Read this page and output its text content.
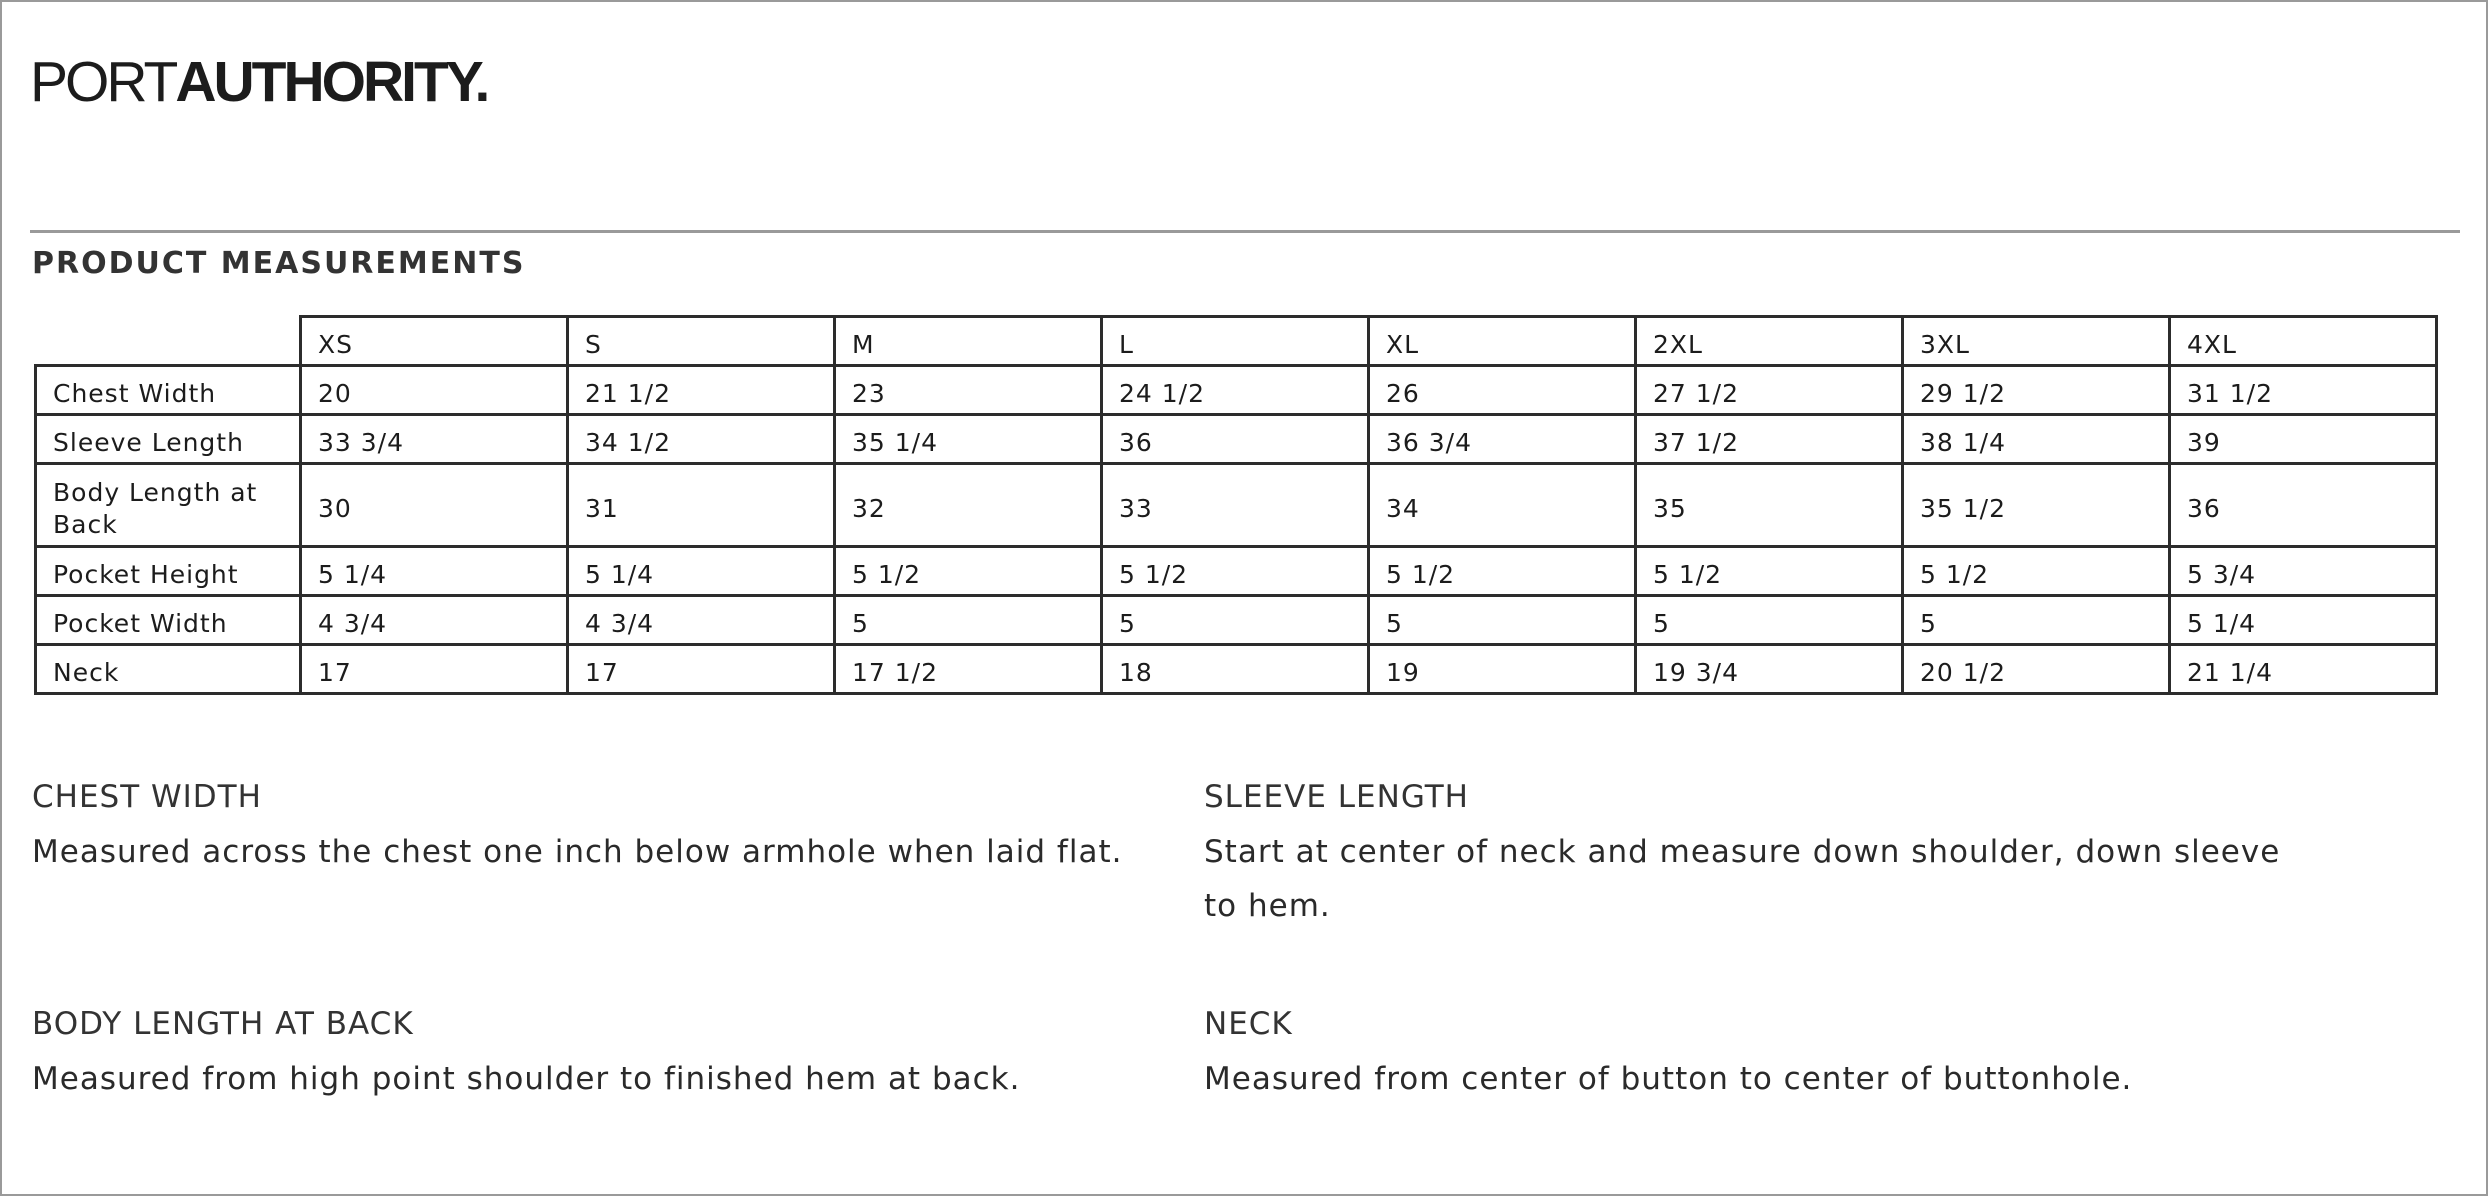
PORTAUTHORITY.
PRODUCT MEASUREMENTS
	XS	S	M	L	XL	2XL	3XL	4XL
Chest Width	20	21 1/2	23	24 1/2	26	27 1/2	29 1/2	31 1/2
Sleeve Length	33 3/4	34 1/2	35 1/4	36	36 3/4	37 1/2	38 1/4	39
Body Length at Back	30	31	32	33	34	35	35 1/2	36
Pocket Height	5 1/4	5 1/4	5 1/2	5 1/2	5 1/2	5 1/2	5 1/2	5 3/4
Pocket Width	4 3/4	4 3/4	5	5	5	5	5	5 1/4
Neck	17	17	17 1/2	18	19	19 3/4	20 1/2	21 1/4
CHEST WIDTH
Measured across the chest one inch below armhole when laid flat.
SLEEVE LENGTH
Start at center of neck and measure down shoulder, down sleeve to hem.
BODY LENGTH AT BACK
Measured from high point shoulder to finished hem at back.
NECK
Measured from center of button to center of buttonhole.
